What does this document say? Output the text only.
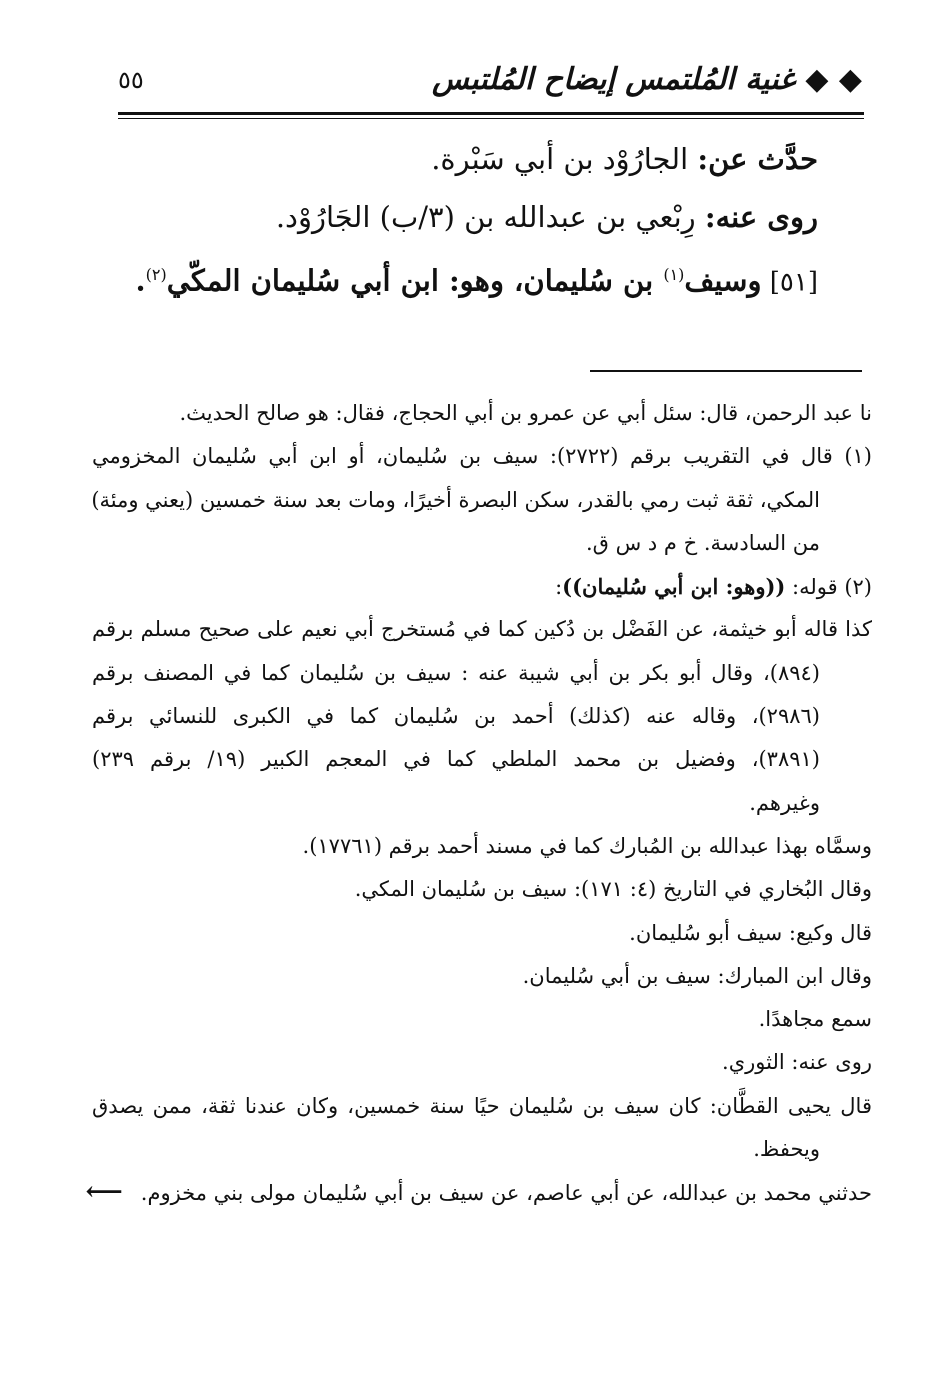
◆ ◆ غنية المُلتمس إيضاح المُلتبس
٥٥
حدَّث عن: الجارُوْد بن أبي سَبْرة.
روى عنه: رِبْعي بن عبدالله بن (٣/ب) الجَارُوْد.
[٥١] وسيف$^{(١)}$ بن سُليمان، وهو: ابن أبي سُليمان المكّي$^{(٢)}$.
نا عبد الرحمن، قال: سئل أبي عن عمرو بن أبي الحجاج، فقال: هو صالح الحديث.
(١) قال في التقريب برقم (٢٧٢٢): سيف بن سُليمان، أو ابن أبي سُليمان المخزومي
المكي، ثقة ثبت رمي بالقدر، سكن البصرة أخيرًا، ومات بعد سنة خمسين (يعني ومئة)
من السادسة. خ م د س ق.
(٢) قوله: ((وهو: ابن أبي سُليمان)):
كذا قاله أبو خيثمة، عن الفَضْل بن دُكين كما في مُستخرج أبي نعيم على صحيح مسلم برقم
(٨٩٤)، وقال أبو بكر بن أبي شيبة عنه : سيف بن سُليمان كما في المصنف برقم
(٢٩٨٦)، وقاله عنه (كذلك) أحمد بن سُليمان كما في الكبرى للنسائي برقم
(٣٨٩١)، وفضيل بن محمد الملطي كما في المعجم الكبير (١٩/ برقم ٢٣٩)
وغيرهم.
وسمَّاه بهذا عبدالله بن المُبارك كما في مسند أحمد برقم (١٧٧٦١).
وقال البُخاري في التاريخ (٤: ١٧١): سيف بن سُليمان المكي.
قال وكيع: سيف أبو سُليمان.
وقال ابن المبارك: سيف بن أبي سُليمان.
سمع مجاهدًا.
روى عنه: الثوري.
قال يحيى القطَّان: كان سيف بن سُليمان حيًا سنة خمسين، وكان عندنا ثقة، ممن يصدق
ويحفظ.
حدثني محمد بن عبدالله، عن أبي عاصم، عن سيف بن أبي سُليمان مولى بني مخزوم.⟵
